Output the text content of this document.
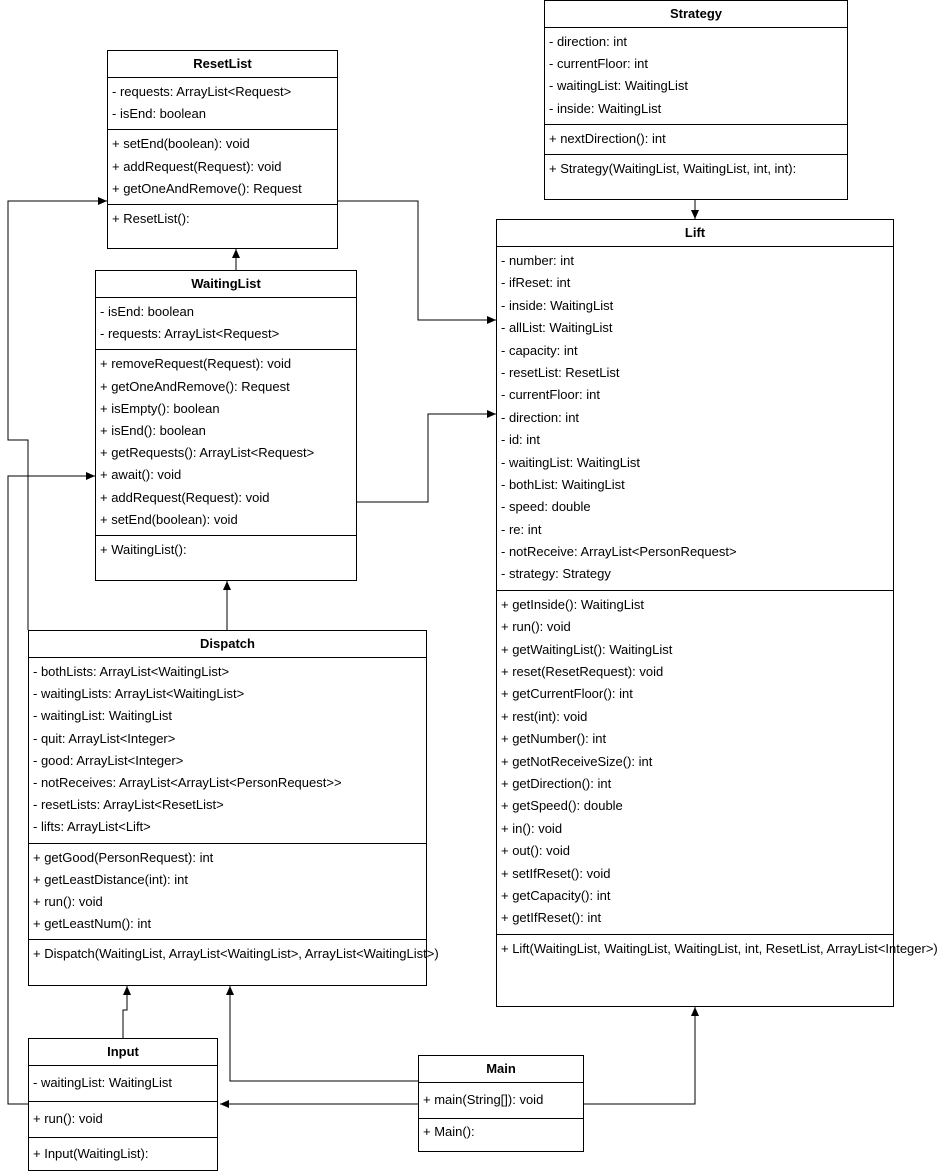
Strategy
- direction: int
- currentFloor: int
- waitingList: WaitingList
- inside: WaitingList
+ nextDirection(): int
+ Strategy(WaitingList, WaitingList, int, int):
ResetList
- requests: ArrayList<Request>
- isEnd: boolean
+ setEnd(boolean): void
+ addRequest(Request): void
+ getOneAndRemove(): Request
+ ResetList():
WaitingList
- isEnd: boolean
- requests: ArrayList<Request>
+ removeRequest(Request): void
+ getOneAndRemove(): Request
+ isEmpty(): boolean
+ isEnd(): boolean
+ getRequests(): ArrayList<Request>
+ await(): void
+ addRequest(Request): void
+ setEnd(boolean): void
+ WaitingList():
Lift
- number: int
- ifReset: int
- inside: WaitingList
- allList: WaitingList
- capacity: int
- resetList: ResetList
- currentFloor: int
- direction: int
- id: int
- waitingList: WaitingList
- bothList: WaitingList
- speed: double
- re: int
- notReceive: ArrayList<PersonRequest>
- strategy: Strategy
+ getInside(): WaitingList
+ run(): void
+ getWaitingList(): WaitingList
+ reset(ResetRequest): void
+ getCurrentFloor(): int
+ rest(int): void
+ getNumber(): int
+ getNotReceiveSize(): int
+ getDirection(): int
+ getSpeed(): double
+ in(): void
+ out(): void
+ setIfReset(): void
+ getCapacity(): int
+ getIfReset(): int
+ Lift(WaitingList, WaitingList, WaitingList, int, ResetList, ArrayList<Integer>)
Dispatch
- bothLists: ArrayList<WaitingList>
- waitingLists: ArrayList<WaitingList>
- waitingList: WaitingList
- quit: ArrayList<Integer>
- good: ArrayList<Integer>
- notReceives: ArrayList<ArrayList<PersonRequest>>
- resetLists: ArrayList<ResetList>
- lifts: ArrayList<Lift>
+ getGood(PersonRequest): int
+ getLeastDistance(int): int
+ run(): void
+ getLeastNum(): int
+ Dispatch(WaitingList, ArrayList<WaitingList>, ArrayList<WaitingList>)
Input
- waitingList: WaitingList
+ run(): void
+ Input(WaitingList):
Main
+ main(String[]): void
+ Main():
